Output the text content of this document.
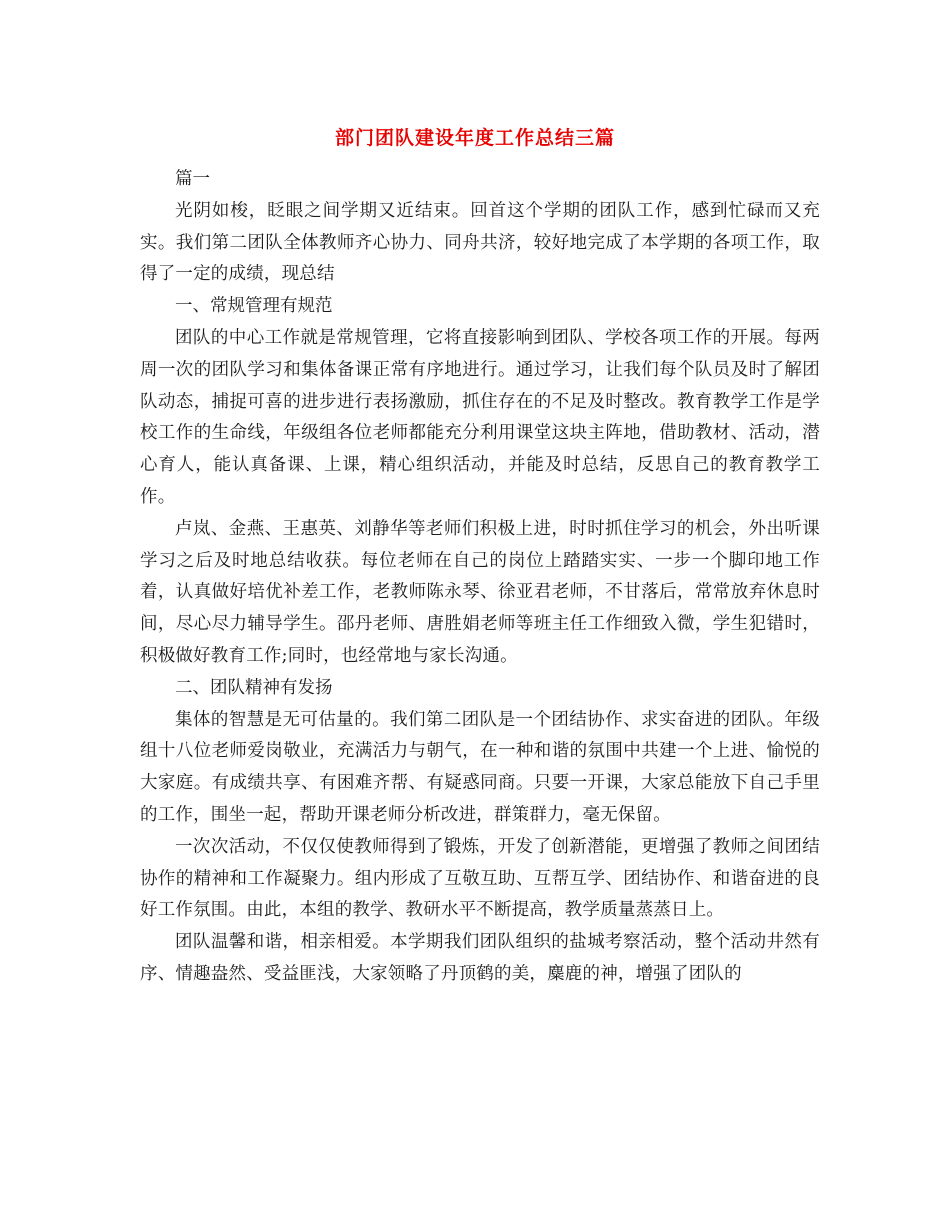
部门团队建设年度工作总结三篇

篇一

光阴如梭，眨眼之间学期又近结束。回首这个学期的团队工作，感到忙碌而又充实。我们第二团队全体教师齐心协力、同舟共济，较好地完成了本学期的各项工作，取得了一定的成绩，现总结

一、常规管理有规范

团队的中心工作就是常规管理，它将直接影响到团队、学校各项工作的开展。每两周一次的团队学习和集体备课正常有序地进行。通过学习，让我们每个队员及时了解团队动态，捕捉可喜的进步进行表扬激励，抓住存在的不足及时整改。教育教学工作是学校工作的生命线，年级组各位老师都能充分利用课堂这块主阵地，借助教材、活动，潜心育人，能认真备课、上课，精心组织活动，并能及时总结，反思自己的教育教学工作。

卢岚、金燕、王惠英、刘静华等老师们积极上进，时时抓住学习的机会，外出听课学习之后及时地总结收获。每位老师在自己的岗位上踏踏实实、一步一个脚印地工作着，认真做好培优补差工作，老教师陈永琴、徐亚君老师，不甘落后，常常放弃休息时间，尽心尽力辅导学生。邵丹老师、唐胜娟老师等班主任工作细致入微，学生犯错时，积极做好教育工作;同时，也经常地与家长沟通。

二、团队精神有发扬

集体的智慧是无可估量的。我们第二团队是一个团结协作、求实奋进的团队。年级组十八位老师爱岗敬业，充满活力与朝气，在一种和谐的氛围中共建一个上进、愉悦的大家庭。有成绩共享、有困难齐帮、有疑惑同商。只要一开课，大家总能放下自己手里的工作，围坐一起，帮助开课老师分析改进，群策群力，毫无保留。

一次次活动，不仅仅使教师得到了锻炼，开发了创新潜能，更增强了教师之间团结协作的精神和工作凝聚力。组内形成了互敬互助、互帮互学、团结协作、和谐奋进的良好工作氛围。由此，本组的教学、教研水平不断提高，教学质量蒸蒸日上。

团队温馨和谐，相亲相爱。本学期我们团队组织的盐城考察活动，整个活动井然有序、情趣盎然、受益匪浅，大家领略了丹顶鹤的美，麋鹿的神，增强了团队的
